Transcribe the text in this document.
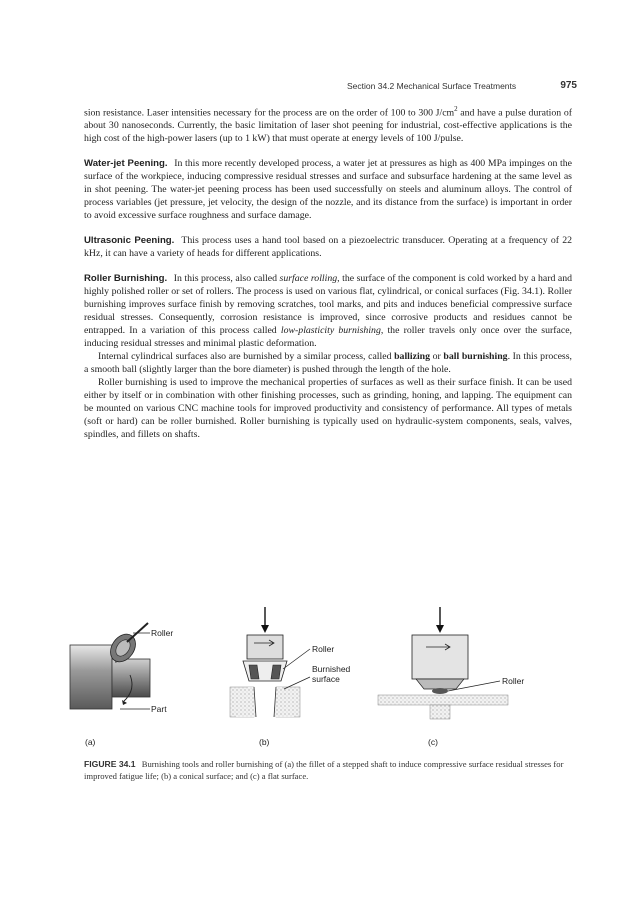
Section 34.2 Mechanical Surface Treatments	975

sion resistance. Laser intensities necessary for the process are on the order of 100 to 300 $J/cm^2$ and have a pulse duration of about 30 nanoseconds. Currently, the basic limitation of laser shot peening for industrial, cost-effective applications is the high cost of the high-power lasers (up to 1 kW) that must operate at energy levels of 100 J/pulse.

Water-jet Peening. In this more recently developed process, a water jet at pressures as high as 400 MPa impinges on the surface of the workpiece, inducing compressive residual stresses and surface and subsurface hardening at the same level as in shot peening. The water-jet peening process has been used successfully on steels and aluminum alloys. The control of process variables (jet pressure, jet velocity, the design of the nozzle, and its distance from the surface) is important in order to avoid excessive surface roughness and surface damage.

Ultrasonic Peening. This process uses a hand tool based on a piezoelectric transducer. Operating at a frequency of 22 kHz, it can have a variety of heads for different applications.

Roller Burnishing. In this process, also called surface rolling, the surface of the component is cold worked by a hard and highly polished roller or set of rollers. The process is used on various flat, cylindrical, or conical surfaces (Fig. 34.1). Roller burnishing improves surface finish by removing scratches, tool marks, and pits and induces beneficial compressive surface residual stresses. Consequently, corrosion resistance is improved, since corrosive products and residues cannot be entrapped. In a variation of this process called low-plasticity burnishing, the roller travels only once over the surface, inducing residual stresses and minimal plastic deformation.

Internal cylindrical surfaces also are burnished by a similar process, called ballizing or ball burnishing. In this process, a smooth ball (slightly larger than the bore diameter) is pushed through the length of the hole.

Roller burnishing is used to improve the mechanical properties of surfaces as well as their surface finish. It can be used either by itself or in combination with other finishing processes, such as grinding, honing, and lapping. The equipment can be mounted on various CNC machine tools for improved productivity and consistency of performance. All types of metals (soft or hard) can be roller burnished. Roller burnishing is typically used on hydraulic-system components, seals, valves, spindles, and fillets on shafts.

Roller
Part
(a)
Roller
Burnished
surface
(b)
Roller
(c)
FIGURE 34.1 Burnishing tools and roller burnishing of (a) the fillet of a stepped shaft to induce compressive surface residual stresses for improved fatigue life; (b) a conical surface; and (c) a flat surface.
